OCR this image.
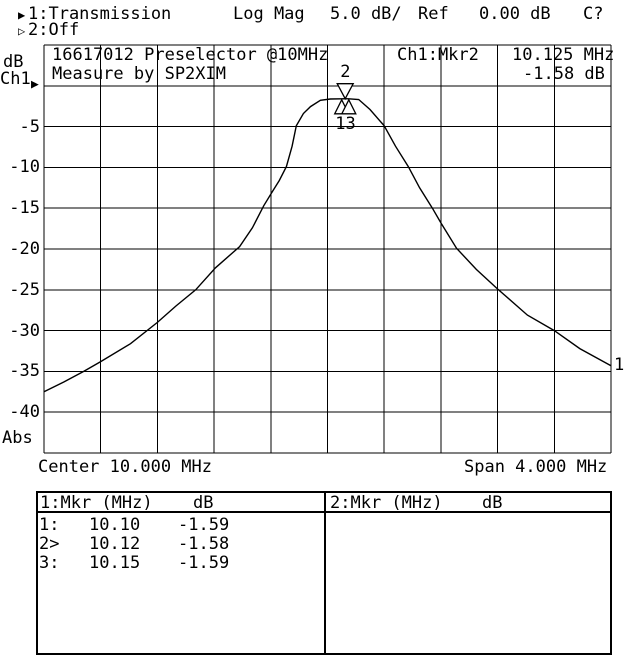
▶ 1:Transmission	Log Mag 5.0 dB/ Ref 0.00 dB C?
▷ 2:Off
dB
Ch1 ▶
-5
-10
-15
-20
-25
-30
-35
-40
Abs
16617012 Preselector @10MHz
Measure by SP2XIM
Ch1:Mkr2 10.125 MHz
-1.58 dB
2
13
1
Center 10.000 MHz	Span 4.000 MHz
1:Mkr (MHz) dB	2:Mkr (MHz) dB
1: 10.10 -1.59
2> 10.12 -1.58
3: 10.15 -1.59
